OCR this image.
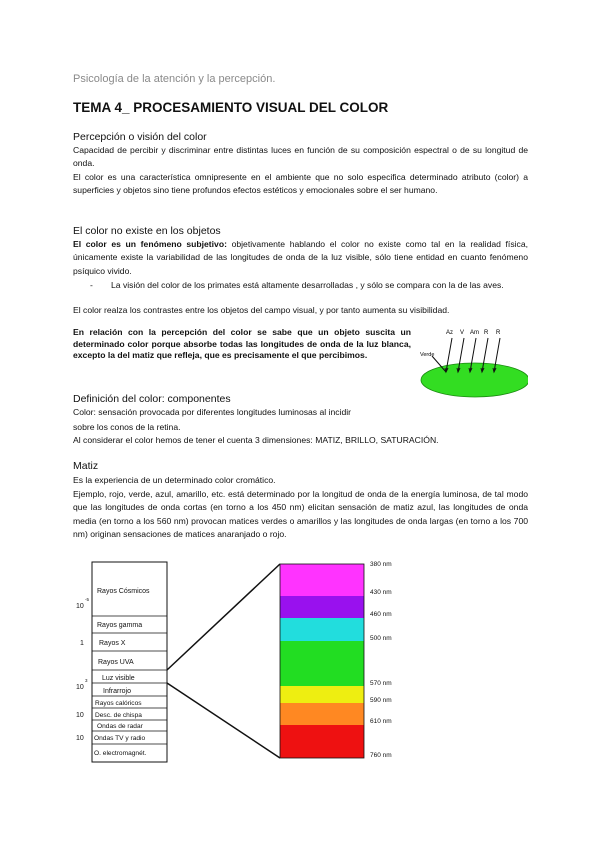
Psicología de la atención y la percepción.
TEMA 4_ PROCESAMIENTO VISUAL DEL COLOR
Percepción o visión del color
Capacidad de percibir y discriminar entre distintas luces en función de su composición espectral o de su longitud de onda.
El color es una característica omnipresente en el ambiente que no solo especifica determinado atributo (color) a superficies y objetos sino tiene profundos efectos estéticos y emocionales sobre el ser humano.
El color no existe en los objetos
El color es un fenómeno subjetivo: objetivamente hablando el color no existe como tal en la realidad física, únicamente existe la variabilidad de las longitudes de onda de la luz visible, sólo tiene entidad en cuanto fenómeno psíquico vivido.
- La visión del color de los primates está altamente desarrolladas , y sólo se compara con la de las aves.
El color realza los contrastes entre los objetos del campo visual, y por tanto aumenta su visibilidad.
En relación con la percepción del color se sabe que un objeto suscita un determinado color porque absorbe todas las longitudes de onda de la luz blanca, excepto la del matiz que refleja, que es precisamente el que percibimos.
Az V Am R R
Verde
Definición del color: componentes
Color: sensación provocada por diferentes longitudes luminosas al incidir
sobre los conos de la retina.
Al considerar el color hemos de tener el cuenta 3 dimensiones: MATIZ, BRILLO, SATURACIÓN.
Matiz
Es la experiencia de un determinado color cromático.
Ejemplo, rojo, verde, azul, amarillo, etc. está determinado por la longitud de onda de la energía luminosa, de tal modo que las longitudes de onda cortas (en torno a los 450 nm) elicitan sensación de matiz azul, las longitudes de onda media (en torno a los 560 nm) provocan matices verdes o amarillos y las longitudes de onda largas (en torno a los 700 nm) originan sensaciones de matices anaranjado o rojo.
Rayos Cósmicos
Rayos gamma
Rayos X
Rayos UVA
Luz visible
Infrarrojo
Rayos calóricos
Desc. de chispa
Ondas de radar
Ondas TV y radio
O. electromagnét.
10
-5
1
10
3
10
10
380 nm
430 nm
460 nm
500 nm
570 nm
590 nm
610 nm
760 nm
